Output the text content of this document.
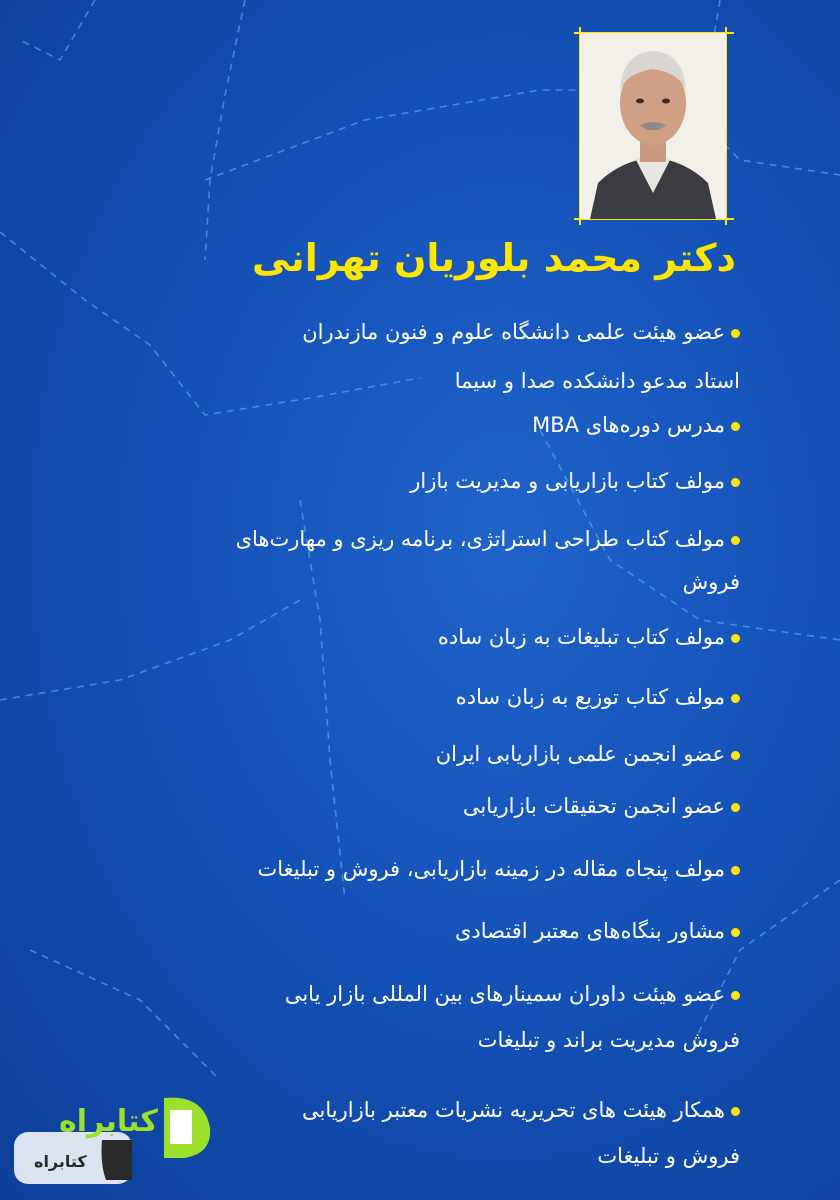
دکتر محمد بلوریان تهرانی
عضو هیئت علمی دانشگاه علوم و فنون مازندران
استاد مدعو دانشکده صدا و سیما
مدرس دوره‌های MBA
مولف کتاب بازاریابی و مدیریت بازار
مولف کتاب طراحی استراتژی، برنامه ریزی و مهارت‌های
فروش
مولف کتاب تبلیغات به زبان ساده
مولف کتاب توزیع به زبان ساده
عضو انجمن علمی بازاریابی ایران
عضو انجمن تحقیقات بازاریابی
مولف پنجاه مقاله در زمینه بازاریابی، فروش و تبلیغات
مشاور بنگاه‌های معتبر اقتصادی
عضو هیئت داوران سمینارهای بین المللی بازار یابی
فروش مدیریت براند و تبلیغات
همکار هیئت های تحریریه نشریات معتبر بازاریابی
فروش و تبلیغات
کتابراه
کتابراه
